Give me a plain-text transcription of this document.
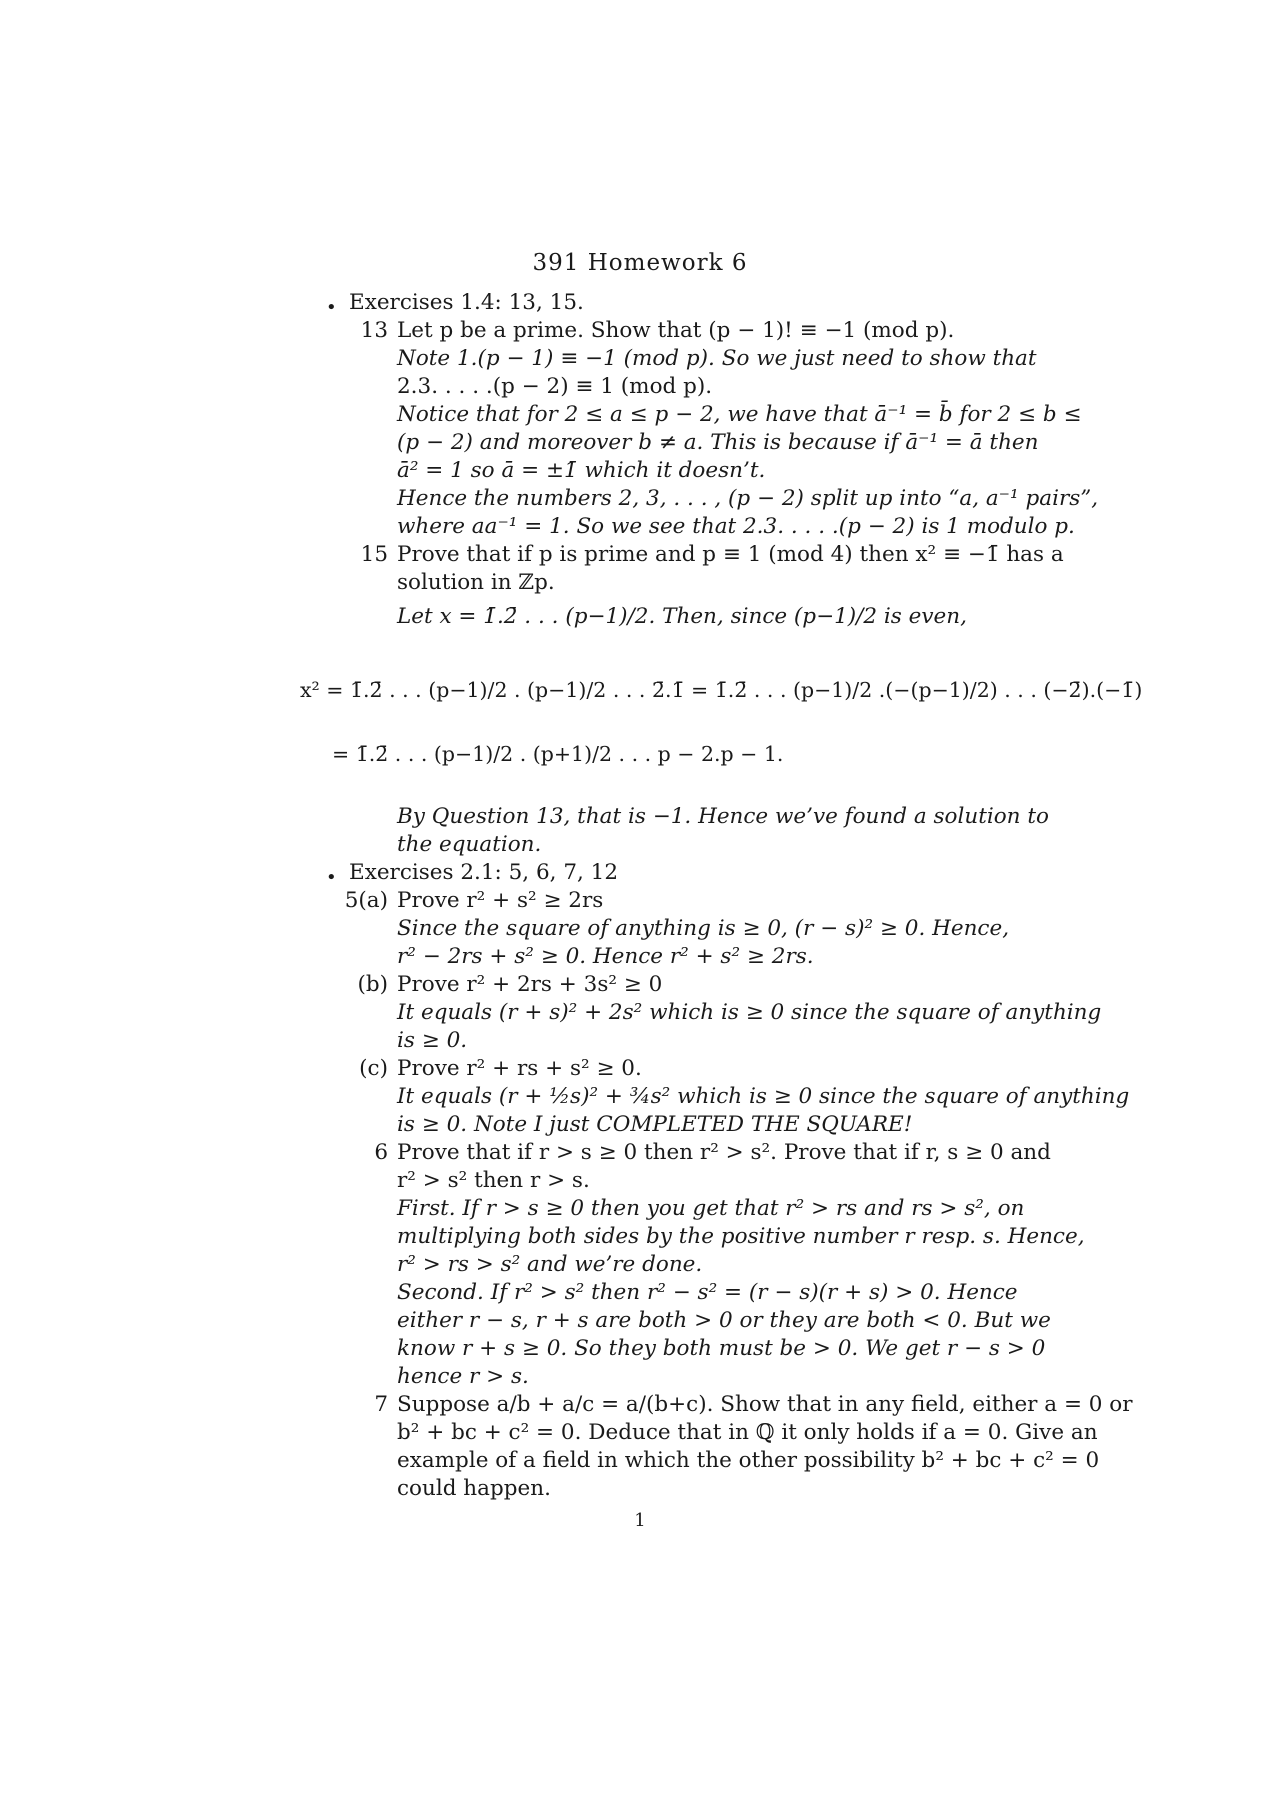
391 Homework 6
• Exercises 1.4: 13, 15.
13 Let p be a prime. Show that (p − 1)! ≡ −1 (mod p).
Note 1.(p − 1) ≡ −1 (mod p). So we just need to show that
2.3. . . . .(p − 2) ≡ 1 (mod p).
Notice that for 2 ≤ a ≤ p − 2, we have that ā⁻¹ = b̄ for 2 ≤ b ≤
(p − 2) and moreover b ≠ a. This is because if ā⁻¹ = ā then
ā² = 1 so ā = ±1̄ which it doesn’t.
Hence the numbers 2, 3, . . . , (p − 2) split up into “a, a⁻¹ pairs”,
where aa⁻¹ = 1. So we see that 2.3. . . . .(p − 2) is 1 modulo p.
15 Prove that if p is prime and p ≡ 1 (mod 4) then x² ≡ −1̄ has a
solution in ℤp.
Let x = 1̄.2̄ . . . (p−1)/2. Then, since (p−1)/2 is even,
x² = 1̄.2̄ . . . (p−1)/2 . (p−1)/2 . . . 2̄.1̄ = 1̄.2̄ . . . (p−1)/2 .(−(p−1)/2) . . . (−2̄).(−1̄)
= 1̄.2̄ . . . (p−1)/2 . (p+1)/2 . . . p − 2.p − 1.
By Question 13, that is −1. Hence we’ve found a solution to
the equation.
• Exercises 2.1: 5, 6, 7, 12
5(a) Prove r² + s² ≥ 2rs
Since the square of anything is ≥ 0, (r − s)² ≥ 0. Hence,
r² − 2rs + s² ≥ 0. Hence r² + s² ≥ 2rs.
(b) Prove r² + 2rs + 3s² ≥ 0
It equals (r + s)² + 2s² which is ≥ 0 since the square of anything
is ≥ 0.
(c) Prove r² + rs + s² ≥ 0.
It equals (r + ½s)² + ¾s² which is ≥ 0 since the square of anything
is ≥ 0. Note I just COMPLETED THE SQUARE!
6 Prove that if r > s ≥ 0 then r² > s². Prove that if r, s ≥ 0 and
r² > s² then r > s.
First. If r > s ≥ 0 then you get that r² > rs and rs > s², on
multiplying both sides by the positive number r resp. s. Hence,
r² > rs > s² and we’re done.
Second. If r² > s² then r² − s² = (r − s)(r + s) > 0. Hence
either r − s, r + s are both > 0 or they are both < 0. But we
know r + s ≥ 0. So they both must be > 0. We get r − s > 0
hence r > s.
7 Suppose a/b + a/c = a/(b+c). Show that in any field, either a = 0 or
b² + bc + c² = 0. Deduce that in ℚ it only holds if a = 0. Give an
example of a field in which the other possibility b² + bc + c² = 0
could happen.
1
